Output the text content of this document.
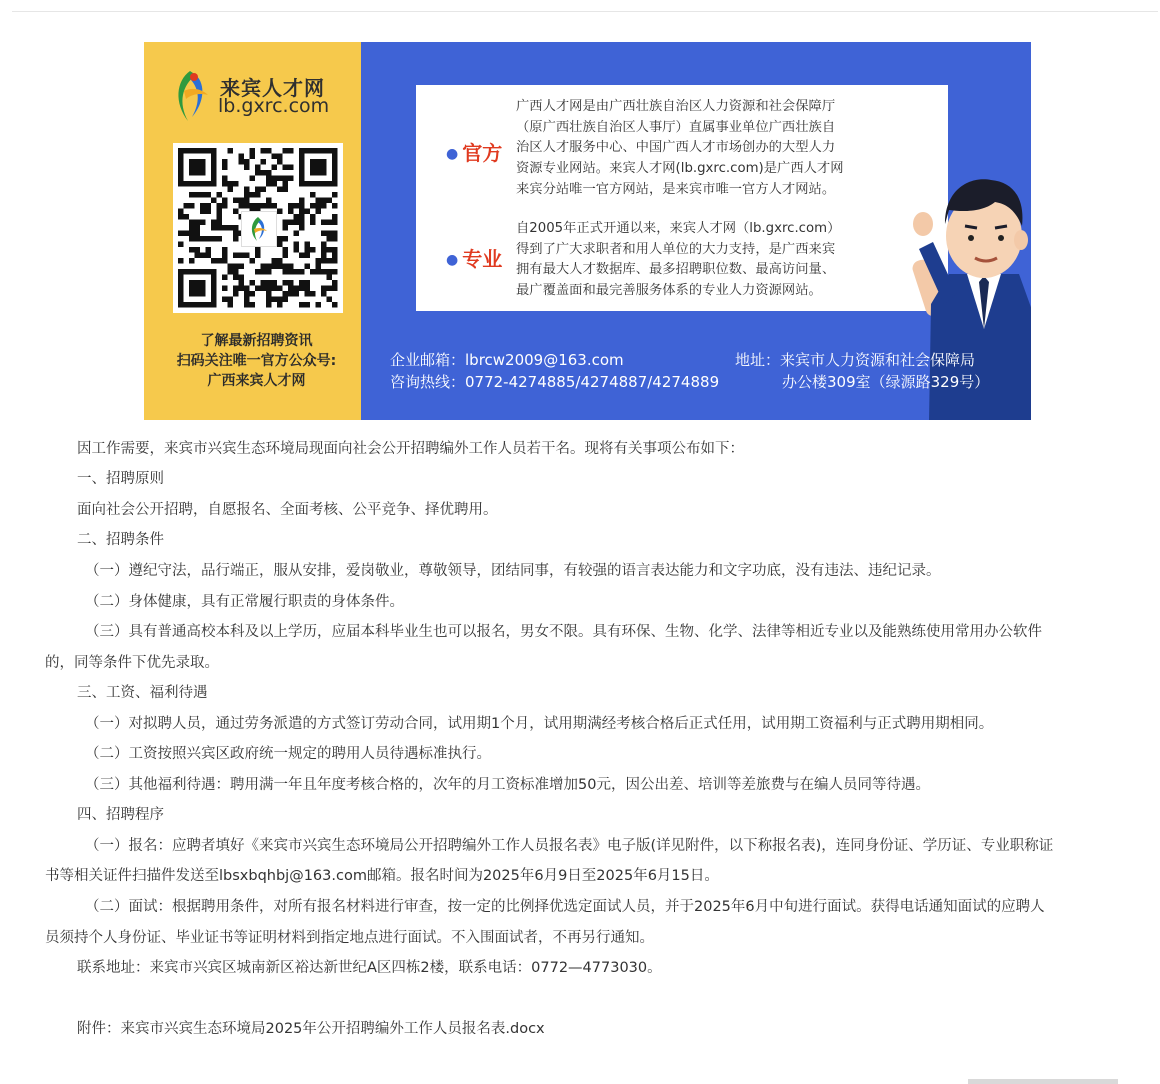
来宾人才网
lb.gxrc.com
了解最新招聘资讯
扫码关注唯一官方公众号:
广西来宾人才网
● 官方
广西人才网是由广西壮族自治区人力资源和社会保障厅
（原广西壮族自治区人事厅）直属事业单位广西壮族自
治区人才服务中心、中国广西人才市场创办的大型人力
资源专业网站。来宾人才网(lb.gxrc.com)是广西人才网
来宾分站唯一官方网站，是来宾市唯一官方人才网站。
● 专业
自2005年正式开通以来，来宾人才网（lb.gxrc.com）
得到了广大求职者和用人单位的大力支持，是广西来宾
拥有最大人才数据库、最多招聘职位数、最高访问量、
最广覆盖面和最完善服务体系的专业人力资源网站。
企业邮箱：lbrcw2009@163.com
咨询热线：0772-4274885/4274887/4274889
地址：来宾市人力资源和社会保障局
办公楼309室（绿源路329号）
因工作需要，来宾市兴宾生态环境局现面向社会公开招聘编外工作人员若干名。现将有关事项公布如下：
一、招聘原则
面向社会公开招聘，自愿报名、全面考核、公平竞争、择优聘用。
二、招聘条件
（一）遵纪守法，品行端正，服从安排，爱岗敬业，尊敬领导，团结同事，有较强的语言表达能力和文字功底，没有违法、违纪记录。
（二）身体健康，具有正常履行职责的身体条件。
（三）具有普通高校本科及以上学历，应届本科毕业生也可以报名，男女不限。具有环保、生物、化学、法律等相近专业以及能熟练使用常用办公软件
的，同等条件下优先录取。
三、工资、福利待遇
（一）对拟聘人员，通过劳务派遣的方式签订劳动合同，试用期1个月，试用期满经考核合格后正式任用，试用期工资福利与正式聘用期相同。
（二）工资按照兴宾区政府统一规定的聘用人员待遇标准执行。
（三）其他福利待遇：聘用满一年且年度考核合格的，次年的月工资标准增加50元，因公出差、培训等差旅费与在编人员同等待遇。
四、招聘程序
（一）报名：应聘者填好《来宾市兴宾生态环境局公开招聘编外工作人员报名表》电子版(详见附件，以下称报名表)，连同身份证、学历证、专业职称证
书等相关证件扫描件发送至lbsxbqhbj@163.com邮箱。报名时间为2025年6月9日至2025年6月15日。
（二）面试：根据聘用条件，对所有报名材料进行审查，按一定的比例择优选定面试人员，并于2025年6月中旬进行面试。获得电话通知面试的应聘人
员须持个人身份证、毕业证书等证明材料到指定地点进行面试。不入围面试者，不再另行通知。
联系地址：来宾市兴宾区城南新区裕达新世纪A区四栋2楼，联系电话：0772—4773030。
附件：来宾市兴宾生态环境局2025年公开招聘编外工作人员报名表.docx
